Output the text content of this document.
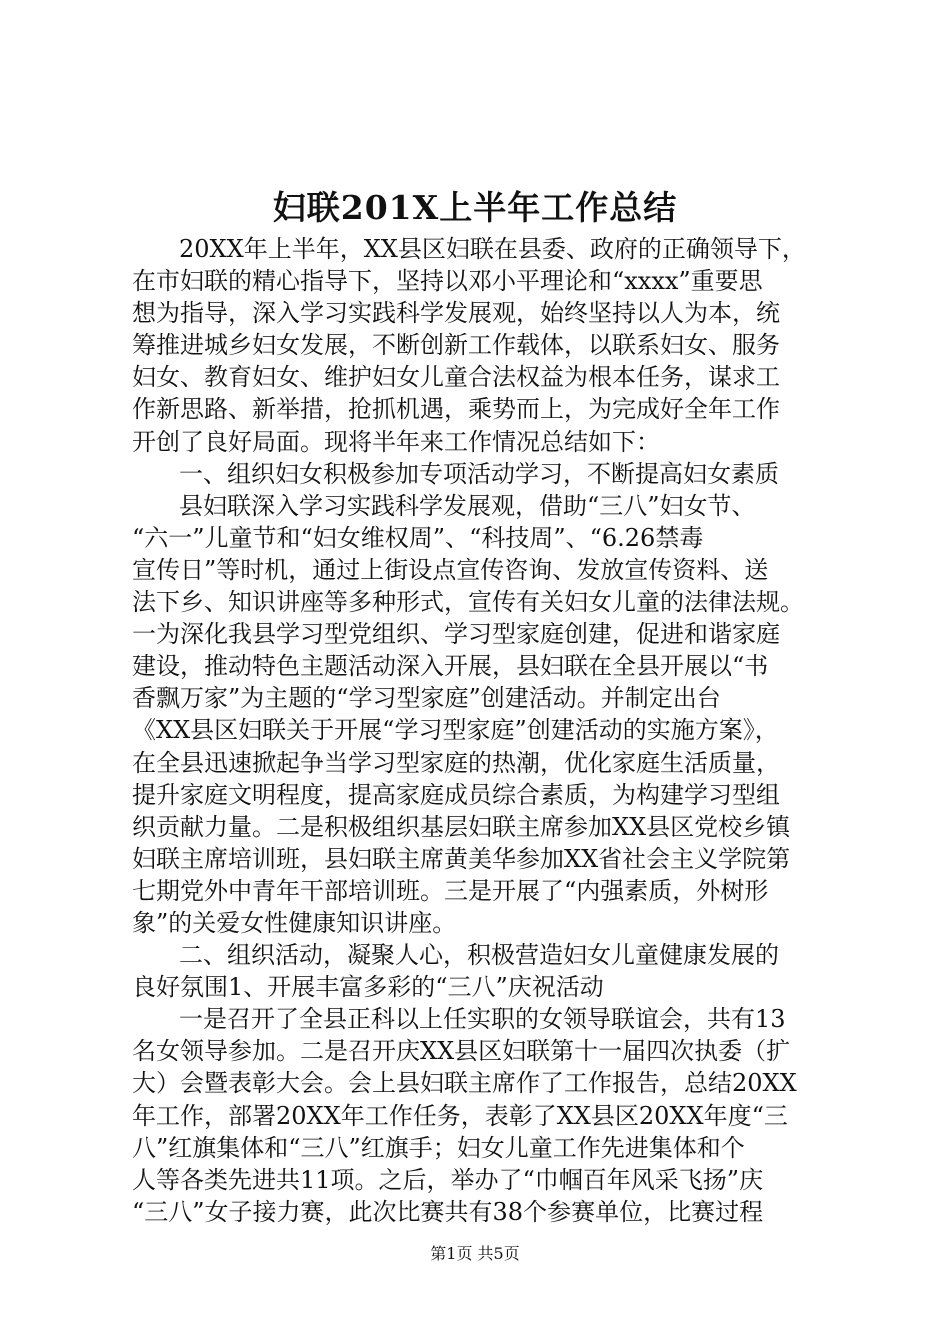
妇联201X上半年工作总结
20XX年上半年，XX县区妇联在县委、政府的正确领导下，
在市妇联的精心指导下，坚持以邓小平理论和“xxxx”重要思
想为指导，深入学习实践科学发展观，始终坚持以人为本，统
筹推进城乡妇女发展，不断创新工作载体，以联系妇女、服务
妇女、教育妇女、维护妇女儿童合法权益为根本任务，谋求工
作新思路、新举措，抢抓机遇，乘势而上，为完成好全年工作
开创了良好局面。现将半年来工作情况总结如下：
一、组织妇女积极参加专项活动学习，不断提高妇女素质
县妇联深入学习实践科学发展观，借助“三八”妇女节、
“六一”儿童节和“妇女维权周”、“科技周”、“6.26禁毒
宣传日”等时机，通过上街设点宣传咨询、发放宣传资料、送
法下乡、知识讲座等多种形式，宣传有关妇女儿童的法律法规。
一为深化我县学习型党组织、学习型家庭创建，促进和谐家庭
建设，推动特色主题活动深入开展，县妇联在全县开展以“书
香飘万家”为主题的“学习型家庭”创建活动。并制定出台
《XX县区妇联关于开展“学习型家庭”创建活动的实施方案》，
在全县迅速掀起争当学习型家庭的热潮，优化家庭生活质量，
提升家庭文明程度，提高家庭成员综合素质，为构建学习型组
织贡献力量。二是积极组织基层妇联主席参加XX县区党校乡镇
妇联主席培训班，县妇联主席黄美华参加XX省社会主义学院第
七期党外中青年干部培训班。三是开展了“内强素质，外树形
象”的关爱女性健康知识讲座。
二、组织活动，凝聚人心，积极营造妇女儿童健康发展的
良好氛围1、开展丰富多彩的“三八”庆祝活动
一是召开了全县正科以上任实职的女领导联谊会，共有13
名女领导参加。二是召开庆XX县区妇联第十一届四次执委（扩
大）会暨表彰大会。会上县妇联主席作了工作报告，总结20XX
年工作，部署20XX年工作任务，表彰了XX县区20XX年度“三
八”红旗集体和“三八”红旗手；妇女儿童工作先进集体和个
人等各类先进共11项。之后，举办了“巾帼百年风采飞扬”庆
“三八”女子接力赛，此次比赛共有38个参赛单位，比赛过程
第1页 共5页
